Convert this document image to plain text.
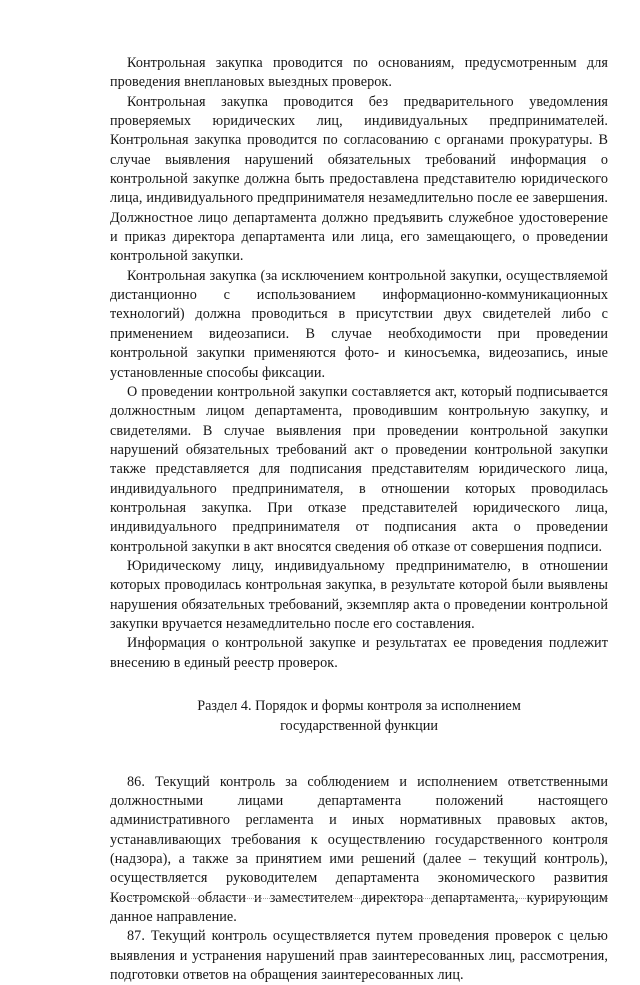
Контрольная закупка проводится по основаниям, предусмотренным для проведения внеплановых выездных проверок.

Контрольная закупка проводится без предварительного уведомления проверяемых юридических лиц, индивидуальных предпринимателей. Контрольная закупка проводится по согласованию с органами прокуратуры. В случае выявления нарушений обязательных требований информация о контрольной закупке должна быть предоставлена представителю юридического лица, индивидуального предпринимателя незамедлительно после ее завершения. Должностное лицо департамента должно предъявить служебное удостоверение и приказ директора департамента или лица, его замещающего, о проведении контрольной закупки.

Контрольная закупка (за исключением контрольной закупки, осуществляемой дистанционно с использованием информационно-коммуникационных технологий) должна проводиться в присутствии двух свидетелей либо с применением видеозаписи. В случае необходимости при проведении контрольной закупки применяются фото- и киносъемка, видеозапись, иные установленные способы фиксации.

О проведении контрольной закупки составляется акт, который подписывается должностным лицом департамента, проводившим контрольную закупку, и свидетелями. В случае выявления при проведении контрольной закупки нарушений обязательных требований акт о проведении контрольной закупки также представляется для подписания представителям юридического лица, индивидуального предпринимателя, в отношении которых проводилась контрольная закупка. При отказе представителей юридического лица, индивидуального предпринимателя от подписания акта о проведении контрольной закупки в акт вносятся сведения об отказе от совершения подписи.

Юридическому лицу, индивидуальному предпринимателю, в отношении которых проводилась контрольная закупка, в результате которой были выявлены нарушения обязательных требований, экземпляр акта о проведении контрольной закупки вручается незамедлительно после его составления.

Информация о контрольной закупке и результатах ее проведения подлежит внесению в единый реестр проверок.

Раздел 4. Порядок и формы контроля за исполнением
государственной функции

86. Текущий контроль за соблюдением и исполнением ответственными должностными лицами департамента положений настоящего административного регламента и иных нормативных правовых актов, устанавливающих требования к осуществлению государственного контроля (надзора), а также за принятием ими решений (далее – текущий контроль), осуществляется руководителем департамента экономического развития Костромской области и заместителем директора департамента, курирующим данное направление.

87. Текущий контроль осуществляется путем проведения проверок с целью выявления и устранения нарушений прав заинтересованных лиц, рассмотрения, подготовки ответов на обращения заинтересованных лиц.
